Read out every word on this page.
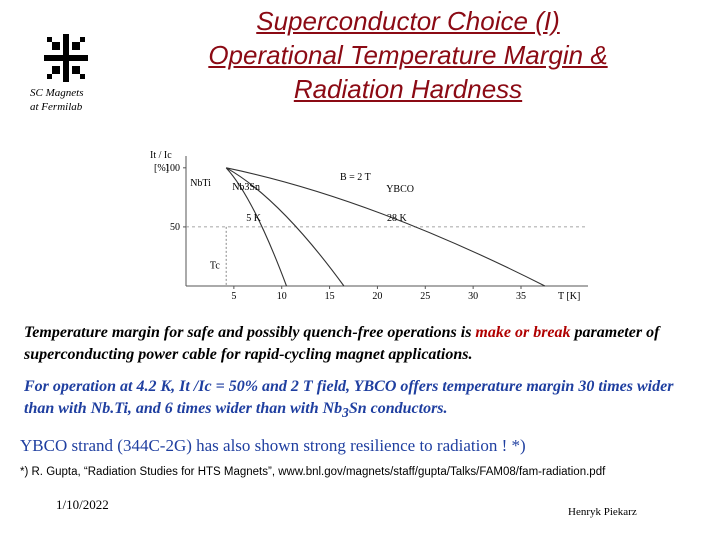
SC Magnets
at Fermilab
Superconductor Choice (I)
Operational Temperature Margin &
Radiation Hardness
It / Ic
[%]
B = 2 T
T [K]
100
50
5	10	15	20	25	30	35
NbTi Nb3Sn	YBCO
5 K	28 K
Tc
Temperature margin for safe and possibly quench-free operations is make or break parameter of superconducting power cable for rapid-cycling magnet applications.
For operation at 4.2 K, It /Ic = 50% and 2 T field, YBCO offers temperature margin 30 times wider than with Nb.Ti, and 6 times wider than with $Nb_3Sn$ conductors.
YBCO strand (344C-2G) has also shown strong resilience to radiation ! *)
*) R. Gupta, “Radiation Studies for HTS Magnets”, www.bnl.gov/magnets/staff/gupta/Talks/FAM08/fam-radiation.pdf
1/10/2022	Henryk Piekarz
